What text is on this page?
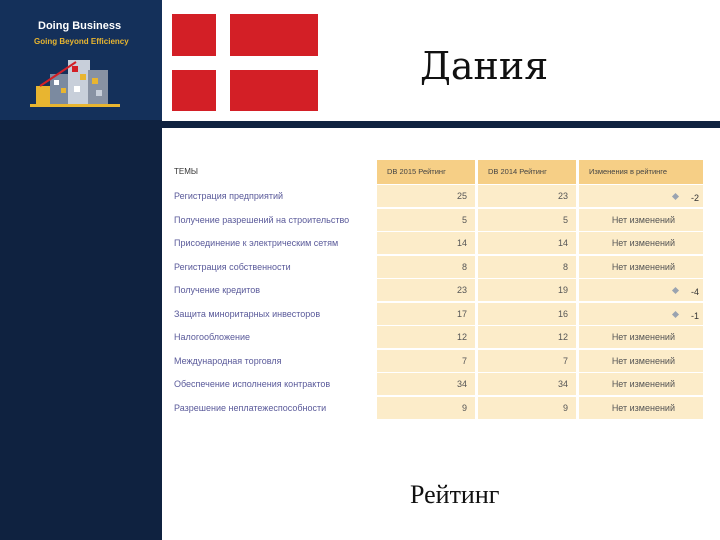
Doing Business
Going Beyond Efficiency
Дания
ТЕМЫ	DB 2015 Рейтинг	DB 2014 Рейтинг	Изменения в рейтинге
Регистрация предприятий	25	23	-2
Получение разрешений на строительство	5	5	Нет изменений
Присоединение к электрическим сетям	14	14	Нет изменений
Регистрация собственности	8	8	Нет изменений
Получение кредитов	23	19	-4
Защита миноритарных инвесторов	17	16	-1
Налогообложение	12	12	Нет изменений
Международная торговля	7	7	Нет изменений
Обеспечение исполнения контрактов	34	34	Нет изменений
Разрешение неплатежеспособности	9	9	Нет изменений
Рейтинг
